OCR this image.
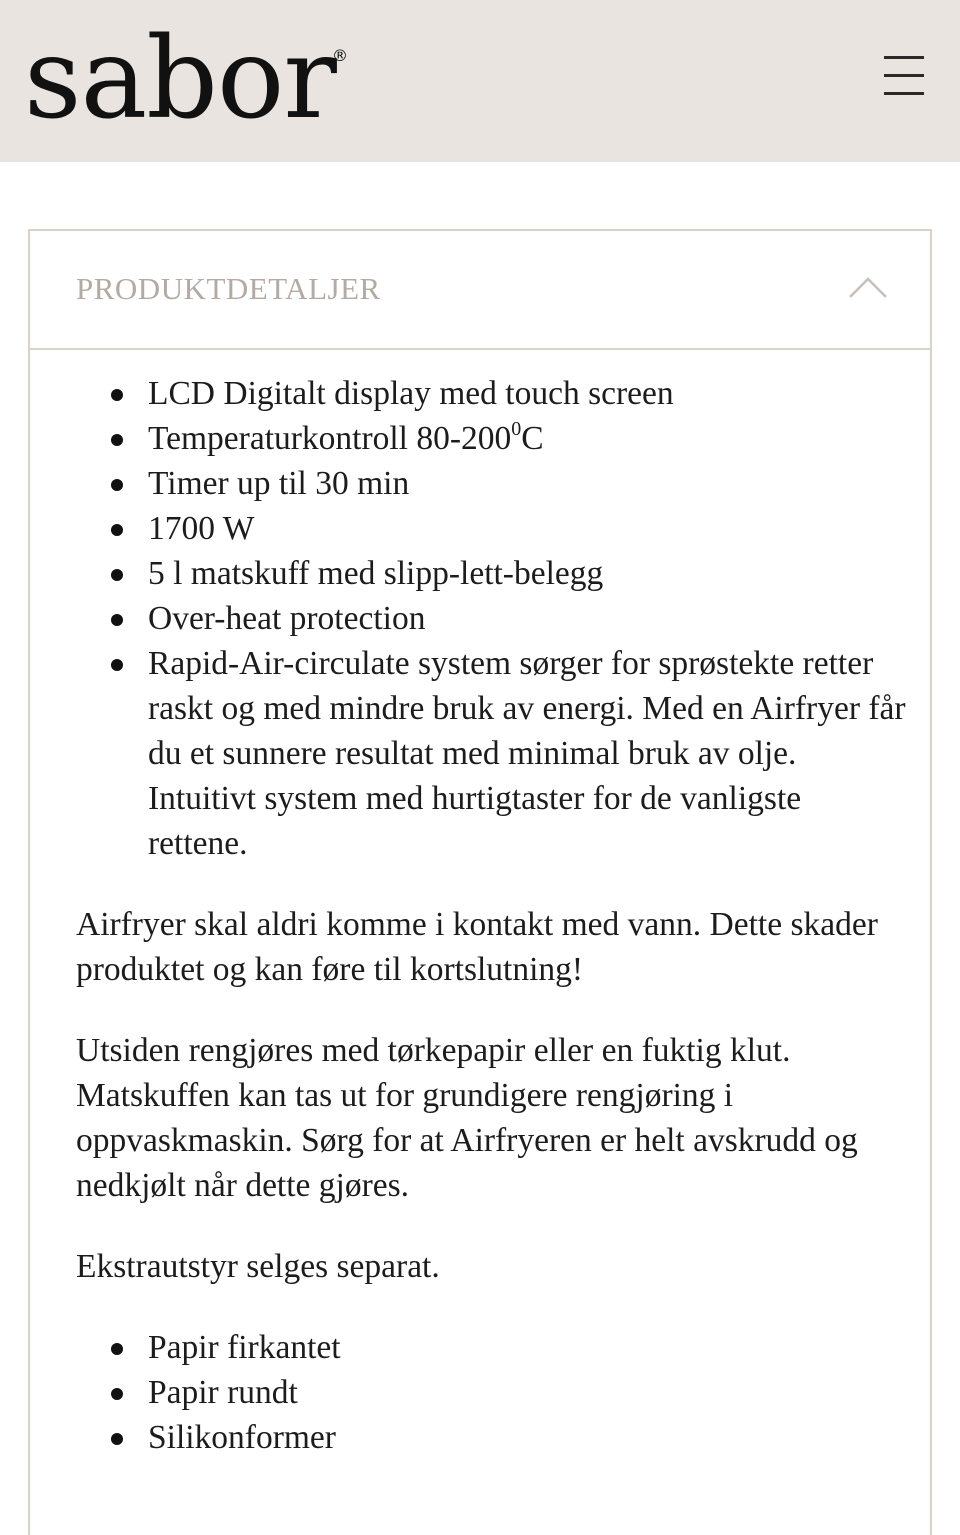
sabor
®
PRODUKTDETALJER
LCD Digitalt display med touch screen
Temperaturkontroll $80-200^0C$
Timer up til 30 min
1700 W
5 l matskuff med slipp-lett-belegg
Over-heat protection
Rapid-Air-circulate system sørger for sprøstekte retter raskt og med mindre bruk av energi. Med en Airfryer får du et sunnere resultat med minimal bruk av olje. Intuitivt system med hurtigtaster for de vanligste rettene.

Airfryer skal aldri komme i kontakt med vann. Dette skader produktet og kan føre til kortslutning!

Utsiden rengjøres med tørkepapir eller en fuktig klut. Matskuffen kan tas ut for grundigere rengjøring i oppvaskmaskin. Sørg for at Airfryeren er helt avskrudd og nedkjølt når dette gjøres.

Ekstrautstyr selges separat.

Papir firkantet
Papir rundt
Silikonformer
